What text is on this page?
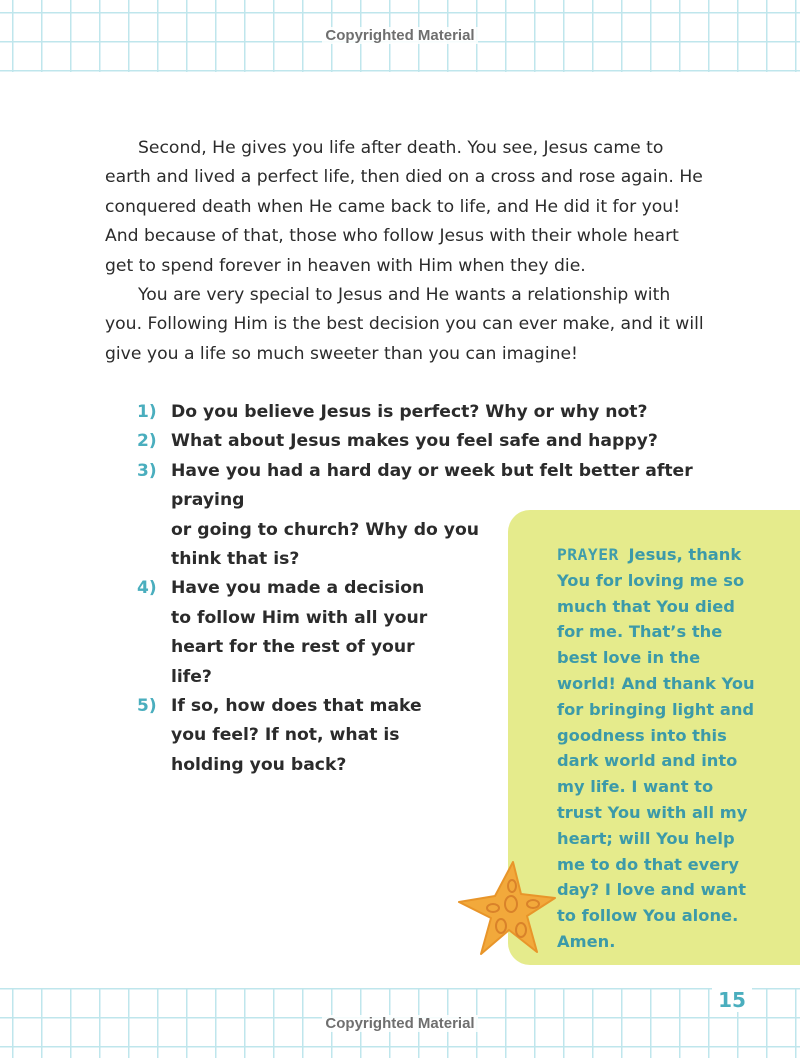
Copyrighted Material

Second, He gives you life after death. You see, Jesus came to earth and lived a perfect life, then died on a cross and rose again. He conquered death when He came back to life, and He did it for you! And because of that, those who follow Jesus with their whole heart get to spend forever in heaven with Him when they die.

You are very special to Jesus and He wants a relationship with you. Following Him is the best decision you can ever make, and it will give you a life so much sweeter than you can imagine!

1) Do you believe Jesus is perfect? Why or why not?
2) What about Jesus makes you feel safe and happy?
3) Have you had a hard day or week but felt better after praying
or going to church? Why do you
think that is?
4) Have you made a decision to follow Him with all your heart for the rest of your life?
5) If so, how does that make you feel? If not, what is holding you back?
PRAYER Jesus, thank You for loving me so much that You died for me. That’s the best love in the world! And thank You for bringing light and goodness into this dark world and into my life. I want to trust You with all my heart; will You help me to do that every day? I love and want to follow You alone. Amen.
15
Copyrighted Material
